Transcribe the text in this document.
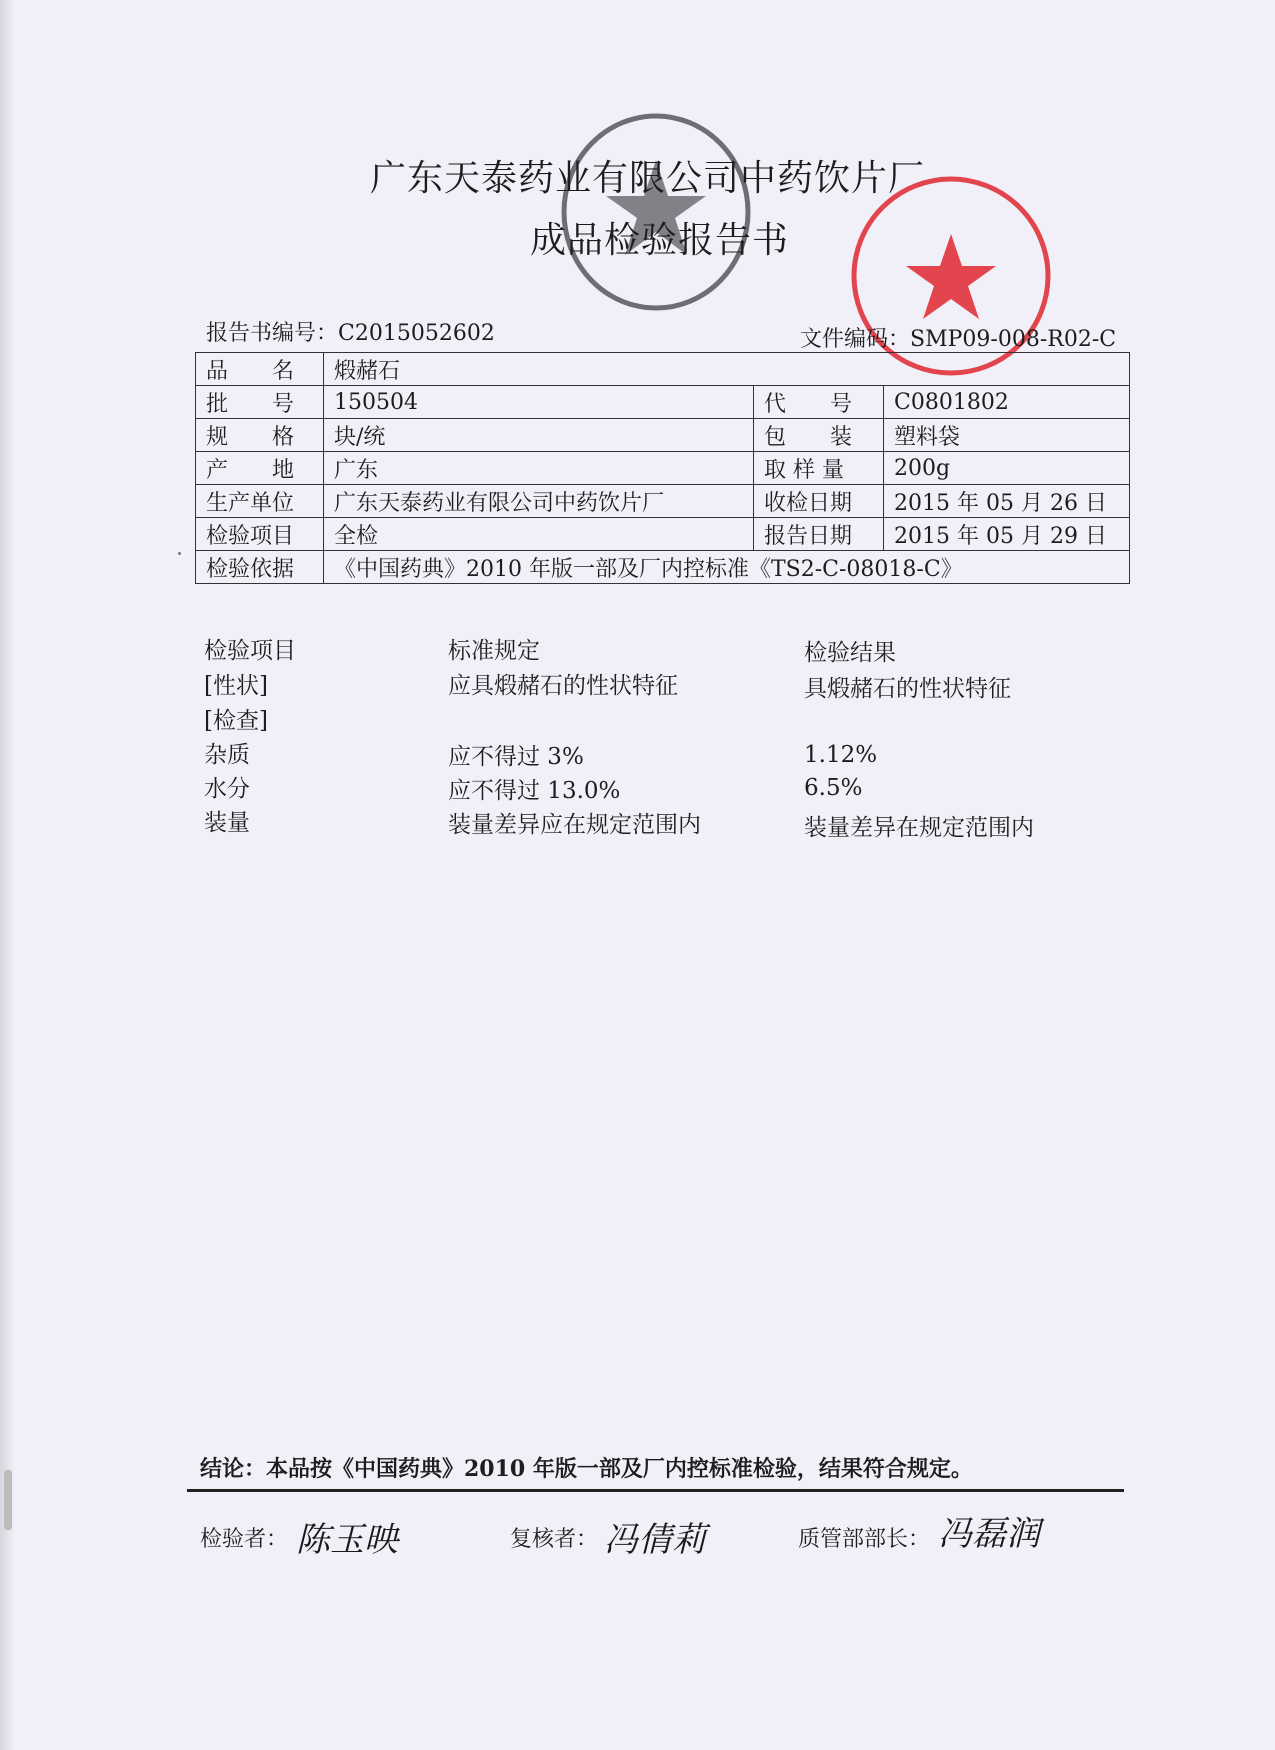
广东天泰药业有限公司中药饮片厂
成品检验报告书
报告书编号：C2015052602	文件编码：SMP09-008-R02-C
品　　名	煅赭石		
批　　号	150504	代　　号	C0801802
规　　格	块/统	包　　装	塑料袋
产　　地	广东	取 样 量	200g
生产单位	广东天泰药业有限公司中药饮片厂	收检日期	2015 年 05 月 26 日
检验项目	全检	报告日期	2015 年 05 月 29 日
检验依据	《中国药典》2010 年版一部及厂内控标准《TS2-C-08018-C》		
检验项目	标准规定	检验结果
[性状]	应具煅赭石的性状特征	具煅赭石的性状特征
[检查]
杂质	应不得过 3%	1.12%
水分	应不得过 13.0%	6.5%
装量	装量差异应在规定范围内	装量差异在规定范围内
结论：本品按《中国药典》2010 年版一部及厂内控标准检验，结果符合规定。
检验者： 陈玉映	复核者： 冯倩莉	质管部部长： 冯磊润
